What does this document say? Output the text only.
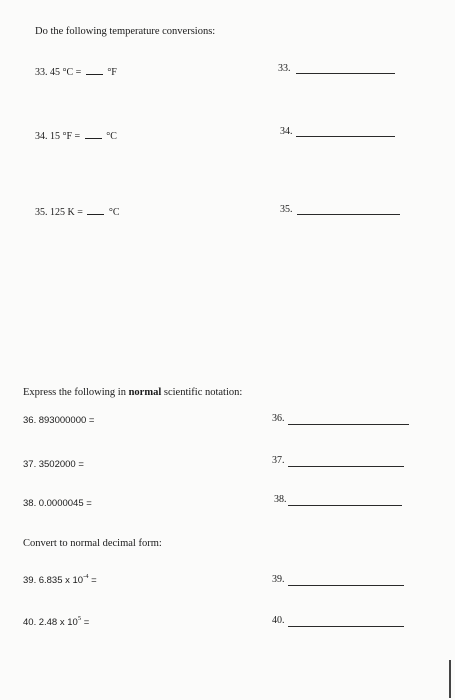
Do the following temperature conversions:
33. 45 °C =	°F	33.
34. 15 °F =	°C	34.
35. 125 K =	°C	35.
Express the following in normal scientific notation:
36. 893000000 =	36.
37. 3502000 =	37.
38. 0.0000045 =	38.
Convert to normal decimal form:
39. 6.835 x $10^{-4}$ =	39.
40. 2.48 x $10^5$ =	40.
